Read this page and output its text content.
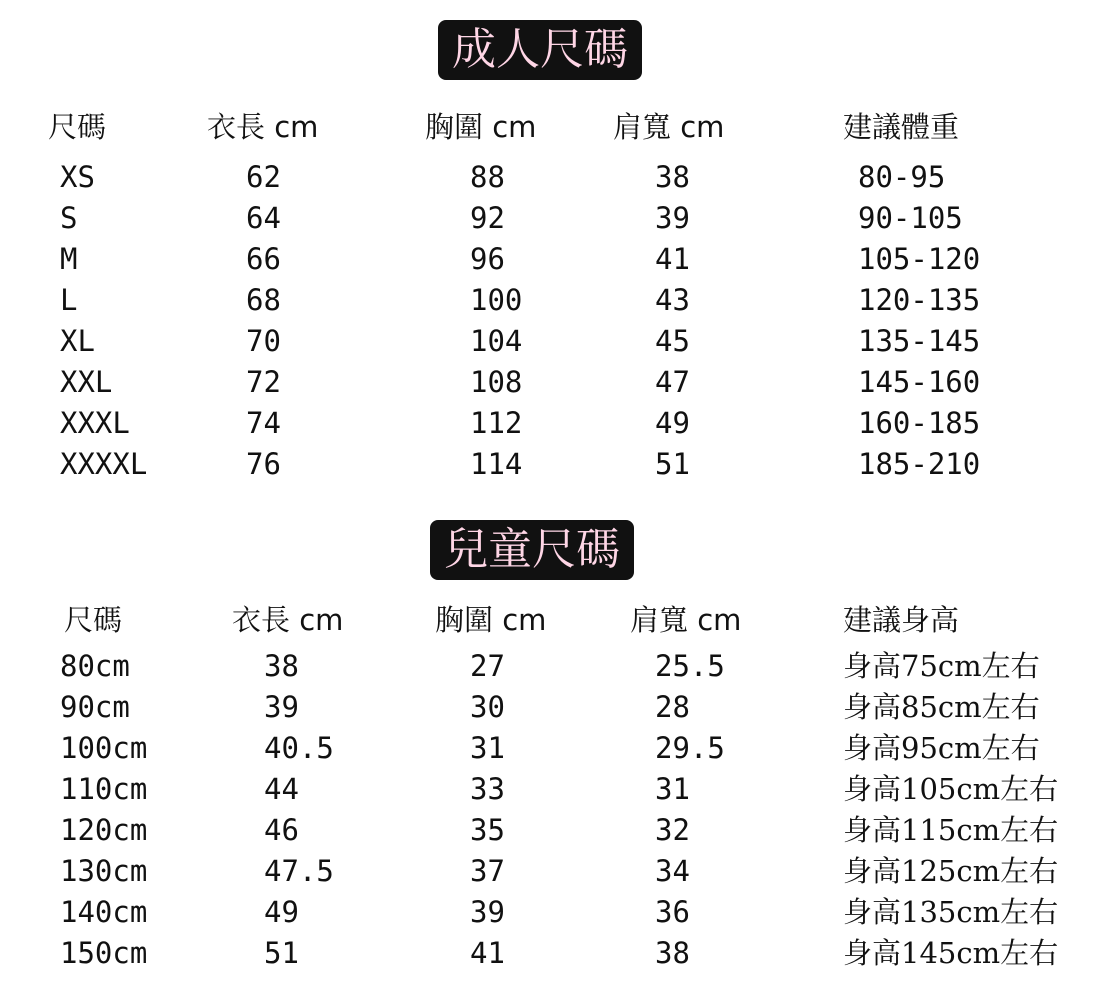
成人尺碼
尺碼	衣長 cm	胸圍 cm	肩寬 cm	建議體重
XS	62	88	38	80-95
S	64	92	39	90-105
M	66	96	41	105-120
L	68	100	43	120-135
XL	70	104	45	135-145
XXL	72	108	47	145-160
XXXL	74	112	49	160-185
XXXXL	76	114	51	185-210
兒童尺碼
尺碼	衣長 cm	胸圍 cm	肩寬 cm	建議身高
80cm	38	27	25.5	身高75cm左右
90cm	39	30	28	身高85cm左右
100cm	40.5	31	29.5	身高95cm左右
110cm	44	33	31	身高105cm左右
120cm	46	35	32	身高115cm左右
130cm	47.5	37	34	身高125cm左右
140cm	49	39	36	身高135cm左右
150cm	51	41	38	身高145cm左右
